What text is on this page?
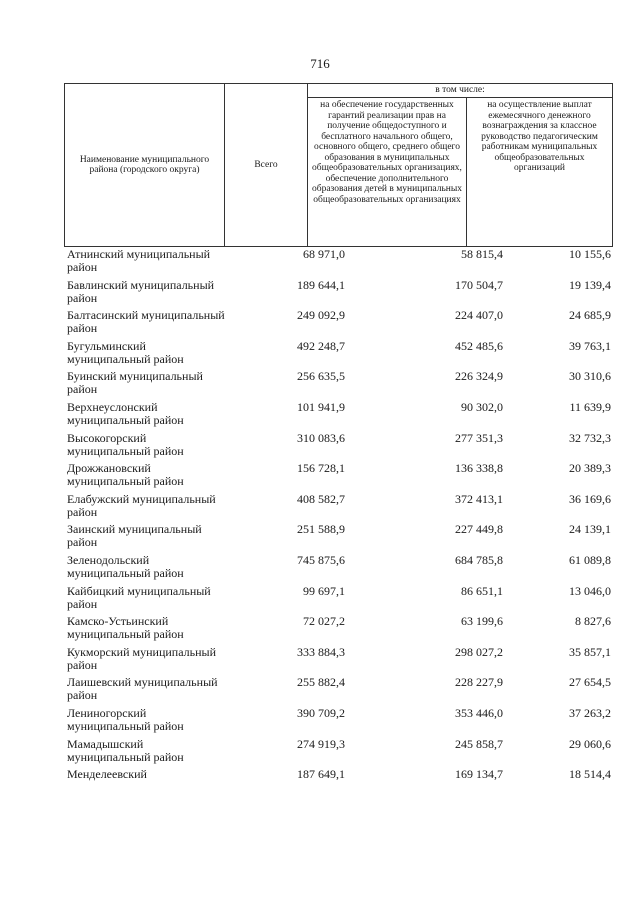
716
Наименование муниципального района (городского округа)	Всего	в том числе:	
		на обеспечение государственных гарантий реализации прав на получение общедоступного и бесплатного начального общего, основного общего, среднего общего образования в муниципальных общеобразовательных организациях, обеспечение дополнительного образования детей в муниципальных общеобразовательных организациях	на осуществление выплат ежемесячного денежного вознаграждения за классное руководство педагогическим работникам муниципальных общеобразовательных организаций
Атнинский муниципальный район
68 971,0	58 815,4	10 155,6
Бавлинский муниципальный район
189 644,1	170 504,7	19 139,4
Балтасинский муниципальный район
249 092,9	224 407,0	24 685,9
Бугульминский муниципальный район
492 248,7	452 485,6	39 763,1
Буинский муниципальный район
256 635,5	226 324,9	30 310,6
Верхнеуслонский муниципальный район
101 941,9	90 302,0	11 639,9
Высокогорский муниципальный район
310 083,6	277 351,3	32 732,3
Дрожжановский муниципальный район
156 728,1	136 338,8	20 389,3
Елабужский муниципальный район
408 582,7	372 413,1	36 169,6
Заинский муниципальный район
251 588,9	227 449,8	24 139,1
Зеленодольский муниципальный район
745 875,6	684 785,8	61 089,8
Кайбицкий муниципальный район
99 697,1	86 651,1	13 046,0
Камско-Устьинский муниципальный район
72 027,2	63 199,6	8 827,6
Кукморский муниципальный район
333 884,3	298 027,2	35 857,1
Лаишевский муниципальный район
255 882,4	228 227,9	27 654,5
Лениногорский муниципальный район
390 709,2	353 446,0	37 263,2
Мамадышский муниципальный район
274 919,3	245 858,7	29 060,6
Менделеевский	187 649,1	169 134,7	18 514,4
